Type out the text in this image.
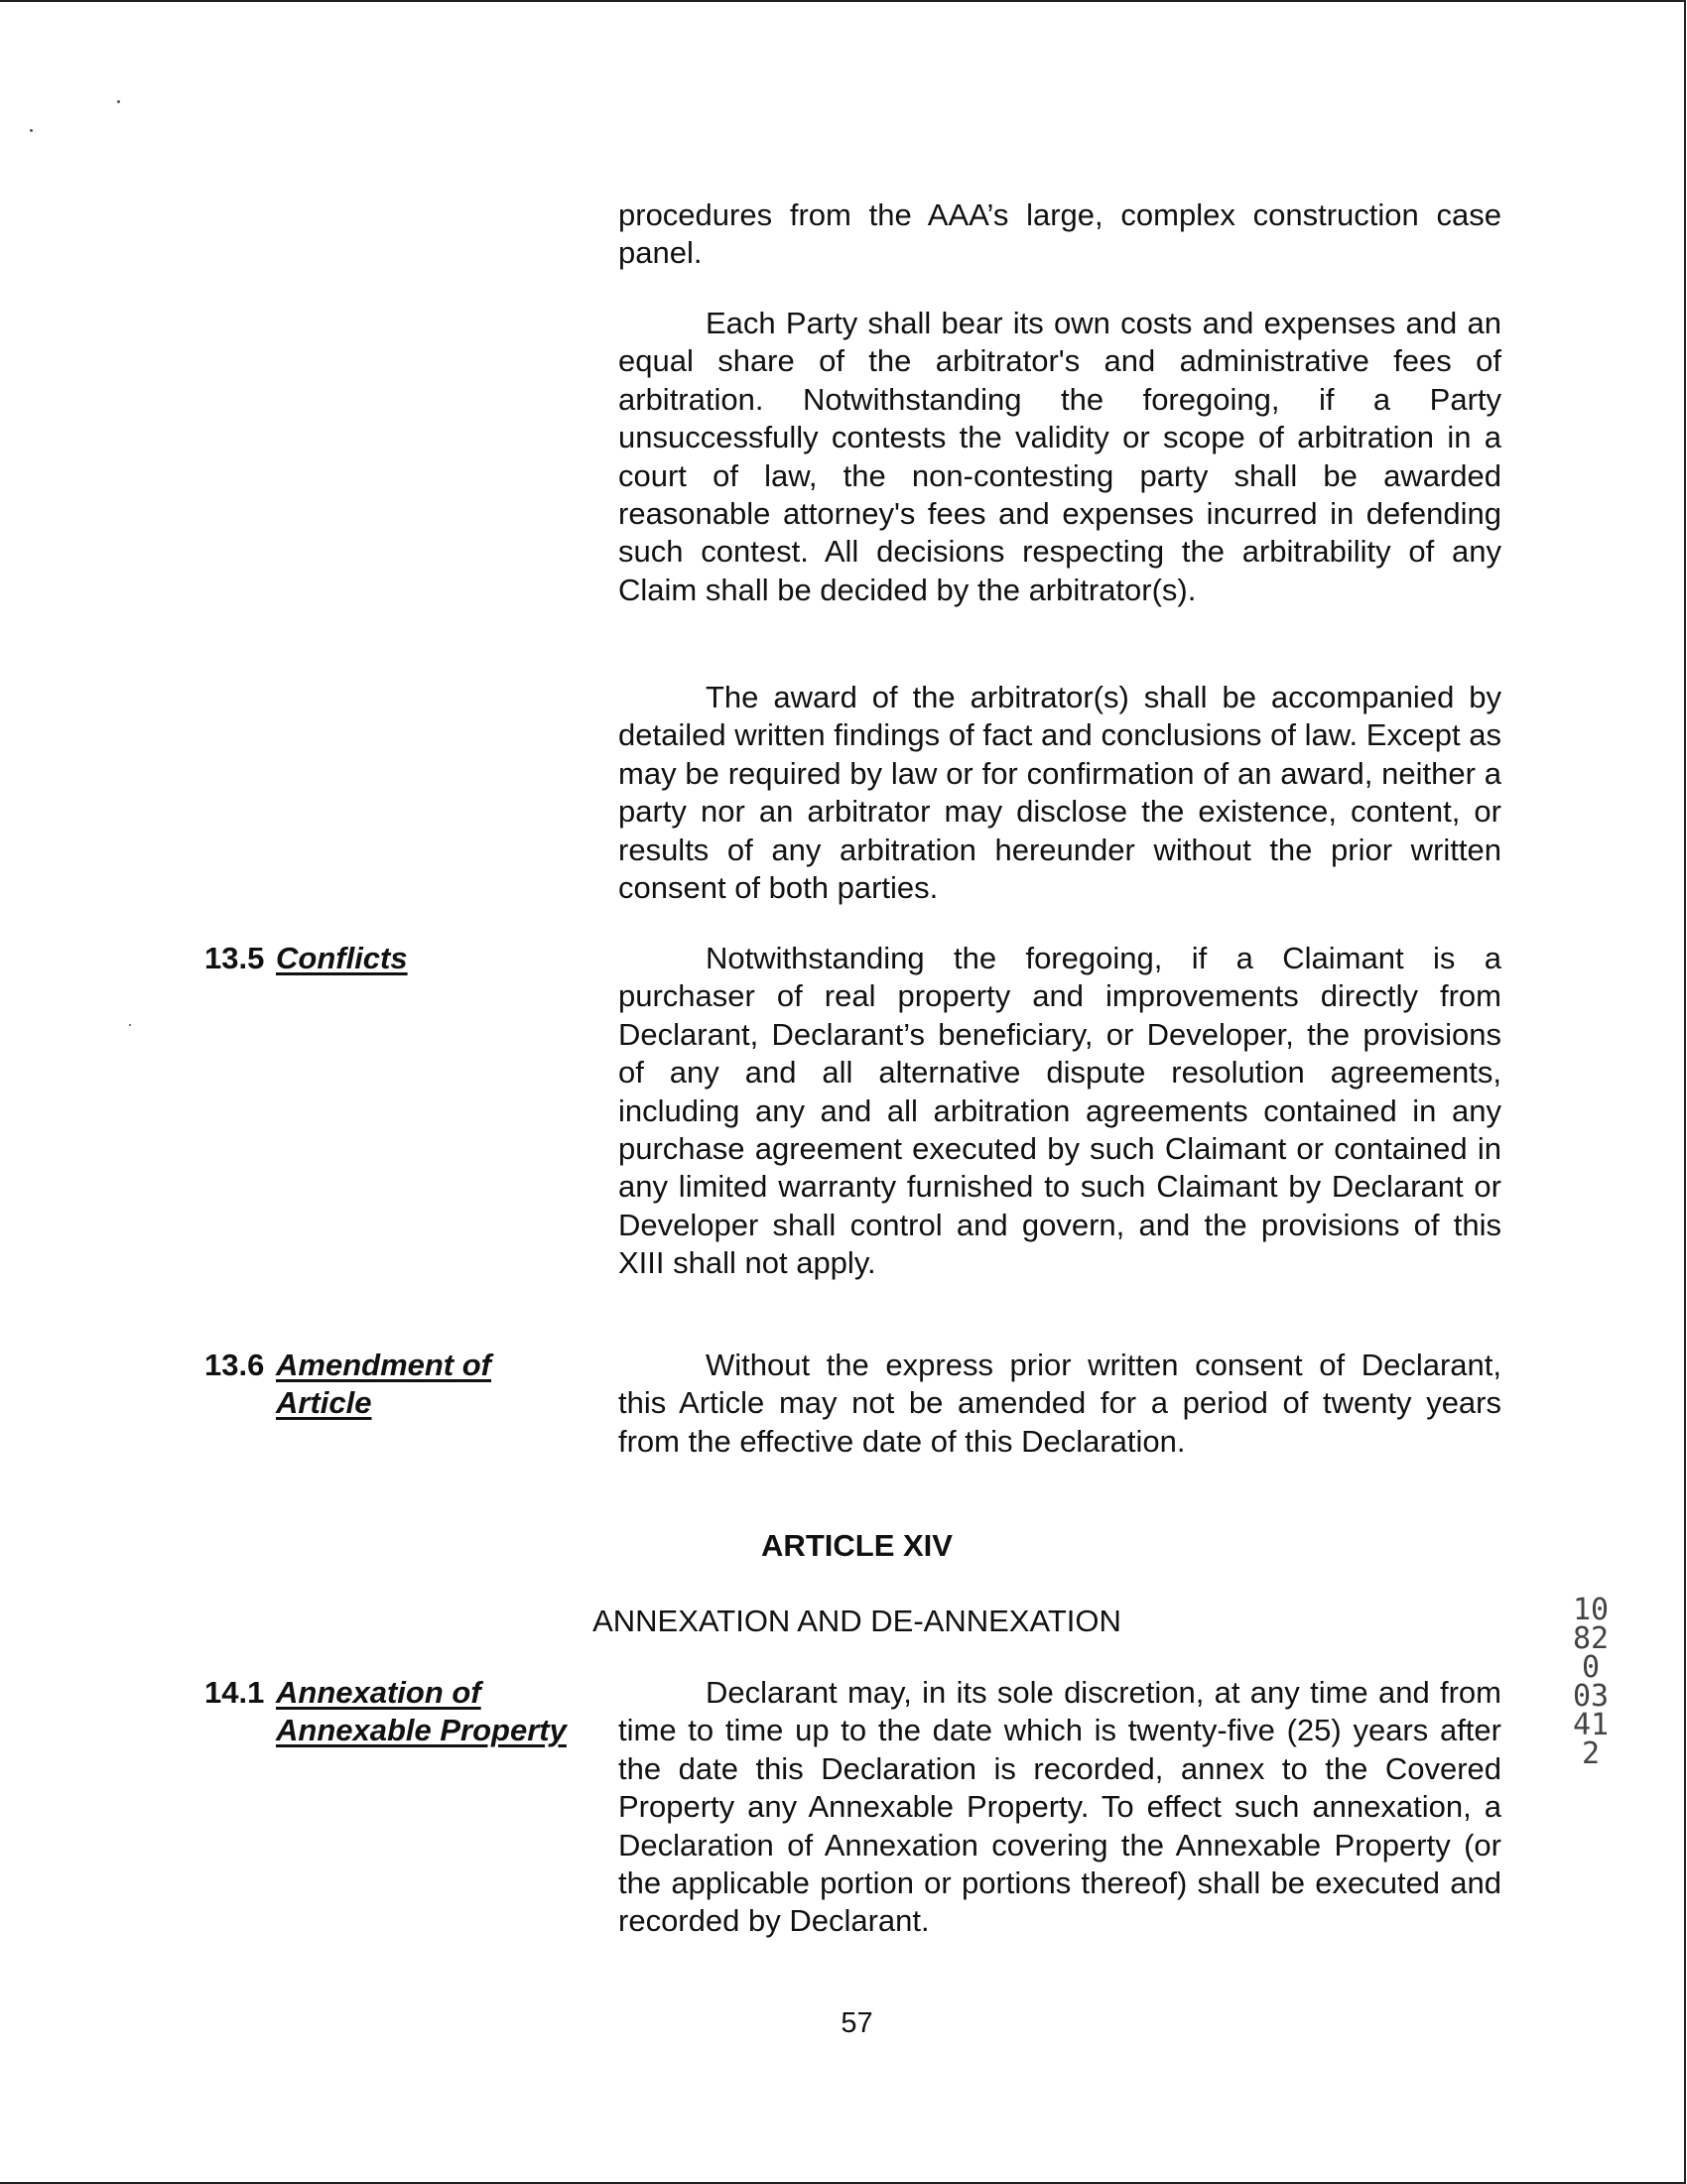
procedures from the AAA’s large, complex construction case panel.

Each Party shall bear its own costs and expenses and an equal share of the arbitrator's and administrative fees of arbitration. Notwithstanding the foregoing, if a Party unsuccessfully contests the validity or scope of arbitration in a court of law, the non-contesting party shall be awarded reasonable attorney's fees and expenses incurred in defending such contest. All decisions respecting the arbitrability of any Claim shall be decided by the arbitrator(s).

The award of the arbitrator(s) shall be accompanied by detailed written findings of fact and conclusions of law. Except as may be required by law or for confirmation of an award, neither a party nor an arbitrator may disclose the existence, content, or results of any arbitration hereunder without the prior written consent of both parties.

13.5 Conflicts	Notwithstanding the foregoing, if a Claimant is a purchaser of real property and improvements directly from Declarant, Declarant’s beneficiary, or Developer, the provisions of any and all alternative dispute resolution agreements, including any and all arbitration agreements contained in any purchase agreement executed by such Claimant or contained in any limited warranty furnished to such Claimant by Declarant or Developer shall control and govern, and the provisions of this XIII shall not apply.

13.6 Amendment of
Article

Without the express prior written consent of Declarant, this Article may not be amended for a period of twenty years from the effective date of this Declaration.

ARTICLE XIV

ANNEXATION AND DE-ANNEXATION

14.1 Annexation of
Annexable Property

Declarant may, in its sole discretion, at any time and from time to time up to the date which is twenty-five (25) years after the date this Declaration is recorded, annex to the Covered Property any Annexable Property. To effect such annexation, a Declaration of Annexation covering the Annexable Property (or the applicable portion or portions thereof) shall be executed and recorded by Declarant.

57

10820 03412
